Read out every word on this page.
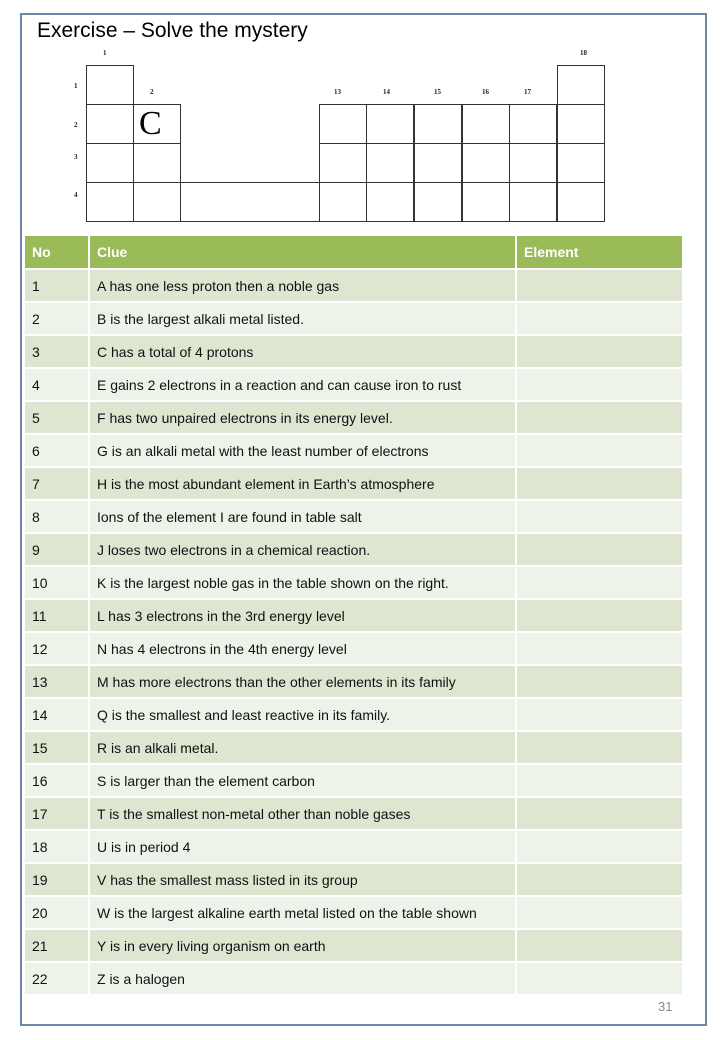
Exercise – Solve the mystery
1
2	13	14	15	16	17
18
1
2
3
4
C
No	Clue	Element
1	A has one less proton then a noble gas	
2	B is the largest alkali metal listed.	
3	C has a total of 4 protons	
4	E gains 2 electrons in a reaction and can cause iron to rust	
5	F has two unpaired electrons in its energy level.	
6	G is an alkali metal with the least number of electrons	
7	H is the most abundant element in Earth’s atmosphere	
8	Ions of the element I are found in table salt	
9	J loses two electrons in a chemical reaction.	
10	K is the largest noble gas in the table shown on the right.	
11	L has 3 electrons in the 3rd energy level	
12	N has 4 electrons in the 4th energy level	
13	M has more electrons than the other elements in its family	
14	Q is the smallest and least reactive in its family.	
15	R is an alkali metal.	
16	S is larger than the element carbon	
17	T is the smallest non-metal other than noble gases	
18	U is in period 4	
19	V has the smallest mass listed in its group	
20	W is the largest alkaline earth metal listed on the table shown	
21	Y is in every living organism on earth	
22	Z is a halogen	
31
